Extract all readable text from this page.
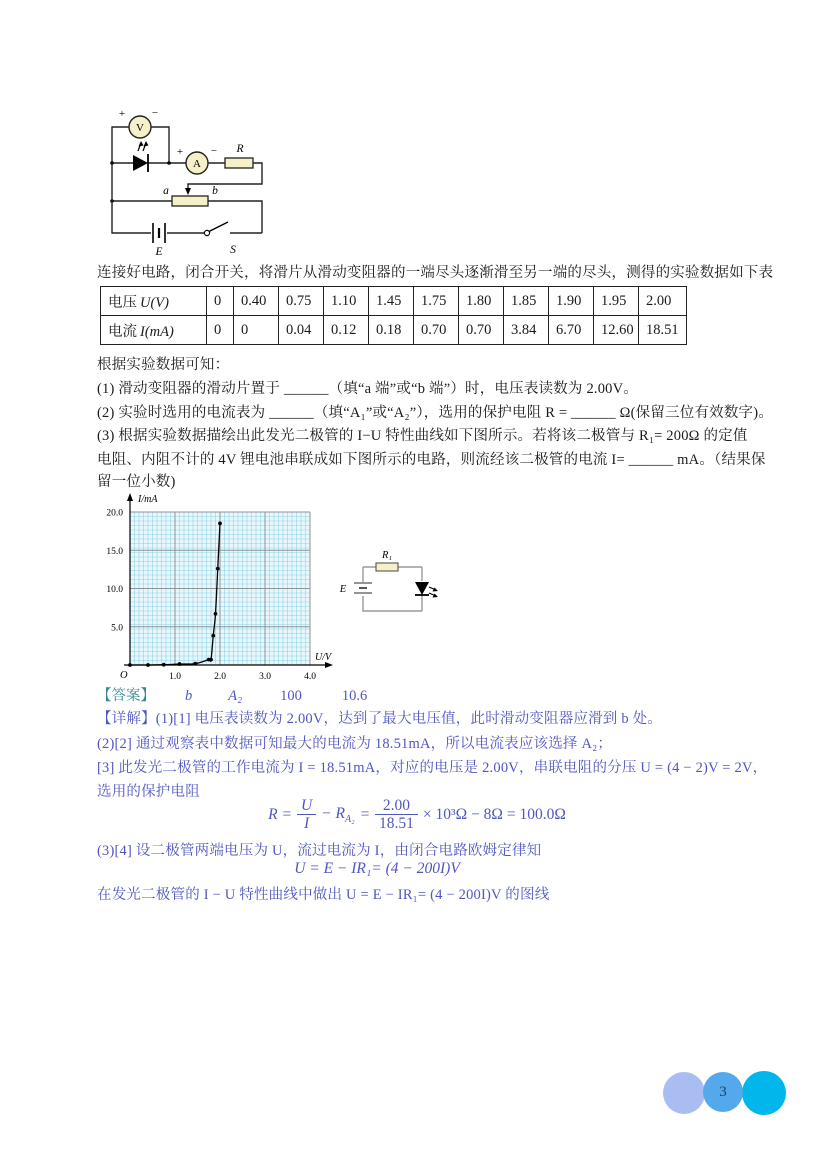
V
+ −
A
+	− R
a	b
E	S
连接好电路，闭合开关，将滑片从滑动变阻器的一端尽头逐渐滑至另一端的尽头，测得的实验数据如下表
电压 U(V)	0	0.40	0.75	1.10	1.45	1.75	1.80	1.85	1.90	1.95	2.00
电流 I(mA)	0	0	0.04	0.12	0.18	0.70	0.70	3.84	6.70	12.60	18.51
根据实验数据可知：
(1) 滑动变阻器的滑动片置于 ______（填“a 端”或“b 端”）时，电压表读数为 2.00V。
(2) 实验时选用的电流表为 ______（填“A₁”或“A₂”），选用的保护电阻 R = ______ Ω(保留三位有效数字)。
(3) 根据实验数据描绘出此发光二极管的 I−U 特性曲线如下图所示。若将该二极管与 R₁= 200Ω 的定值
电阻、内阻不计的 4V 锂电池串联成如下图所示的电路，则流经该二极管的电流 I= ______ mA。（结果保
留一位小数)
1.0	2.0	3.0	4.0
5.0
10.0
15.0
20.0
I/mA
U/V
O
R₁
E
【答案】 b A₂	100	10.6
【详解】(1)[1] 电压表读数为 2.00V，达到了最大电压值，此时滑动变阻器应滑到 b 处。
(2)[2] 通过观察表中数据可知最大的电流为 18.51mA，所以电流表应该选择 A₂；
[3] 此发光二极管的工作电流为 I = 18.51mA，对应的电压是 2.00V，串联电阻的分压 U = (4 − 2)V = 2V，
选用的保护电阻
$R = \frac{U}{I} - R_{A_2} = \frac{2.00}{18.51} \times 10^3\Omega - 8\Omega = 100.0\Omega$
(3)[4] 设二极管两端电压为 U，流过电流为 I，由闭合电路欧姆定律知
U = E − IR₁= (4 − 200I)V
在发光二极管的 I − U 特性曲线中做出 U = E − IR₁= (4 − 200I)V 的图线
3
